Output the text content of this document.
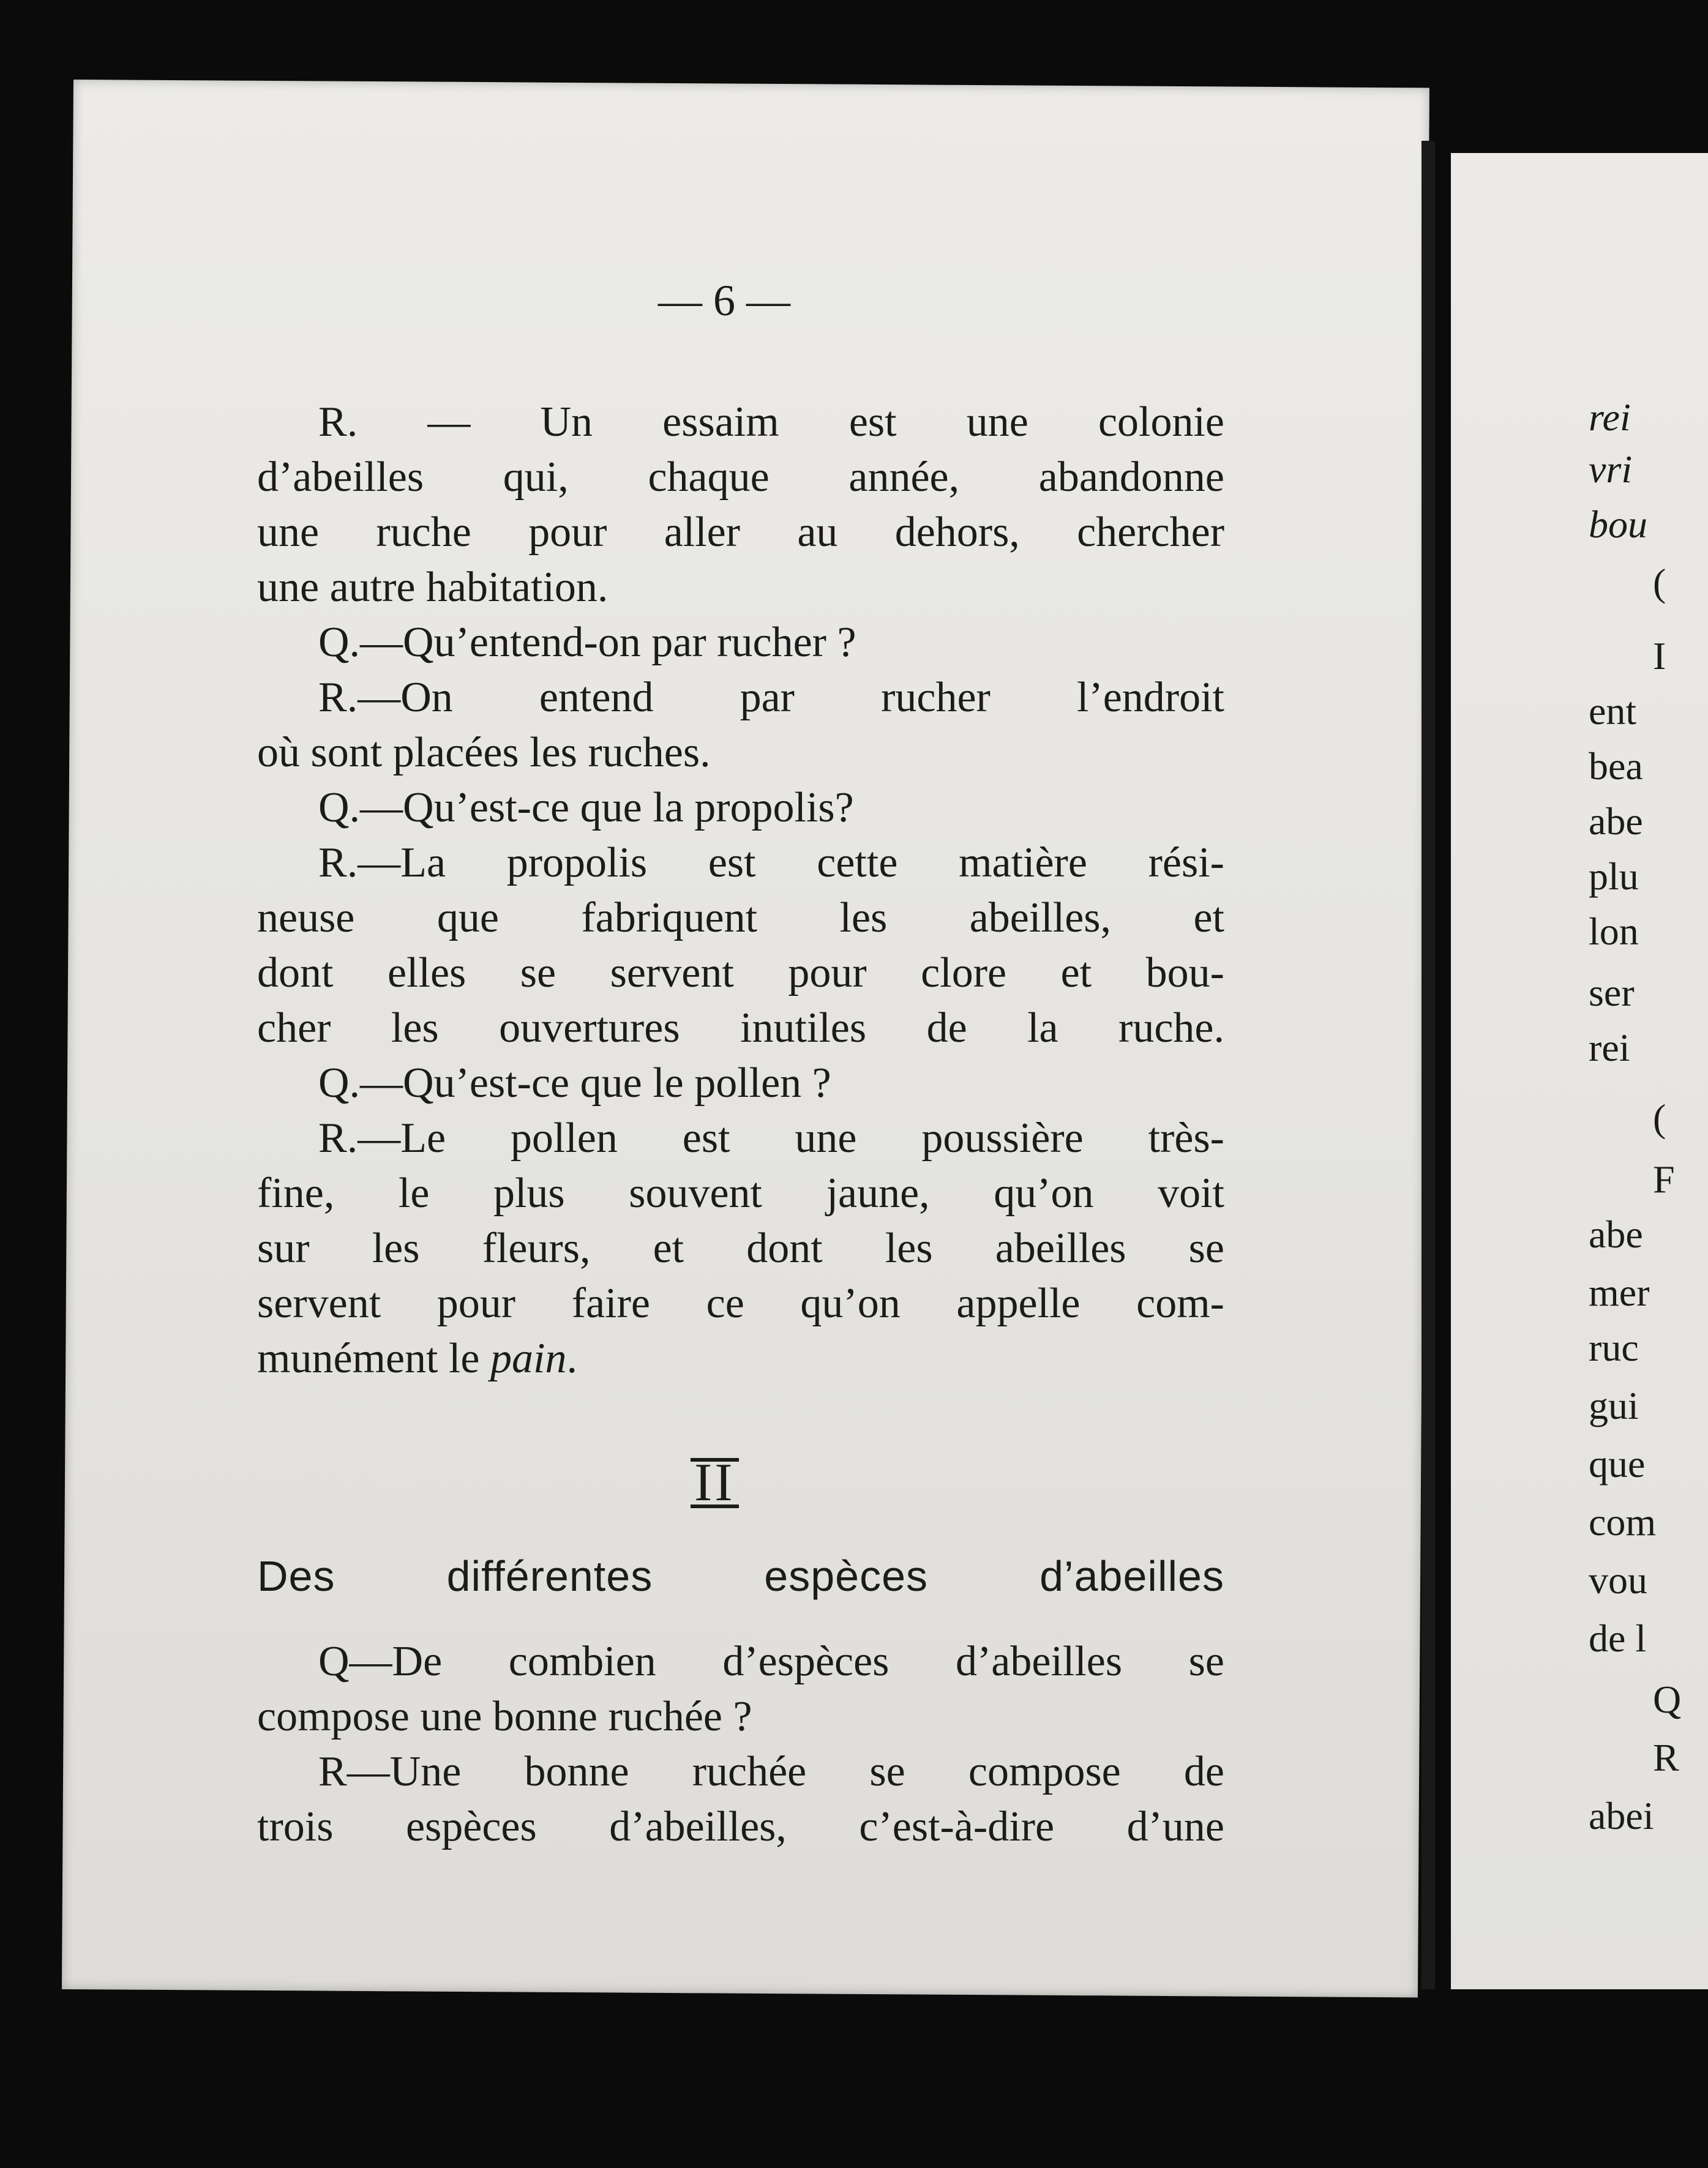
— 6 —
R. — Un essaim est une colonie
d’abeilles qui, chaque année, abandonne
une ruche pour aller au dehors, chercher
une autre habitation.
Q.—Qu’entend-on par rucher ?
R.—On entend par rucher l’endroit
où sont placées les ruches.
Q.—Qu’est-ce que la propolis?
R.—La propolis est cette matière rési-
neuse que fabriquent les abeilles, et
dont elles se servent pour clore et bou-
cher les ouvertures inutiles de la ruche.
Q.—Qu’est-ce que le pollen ?
R.—Le pollen est une poussière très-
fine, le plus souvent jaune, qu’on voit
sur les fleurs, et dont les abeilles se
servent pour faire ce qu’on appelle com-
munément le pain.
II
Des différentes espèces d’abeilles
Q—De combien d’espèces d’abeilles se
compose une bonne ruchée ?
R—Une bonne ruchée se compose de
trois espèces d’abeilles, c’est-à-dire d’une
rei
vri
bou
(
I
ent
bea
abe
plu
lon
ser
rei
(
F
abe
mer
ruc
gui
que
com
vou
de l
Q
R
abei
